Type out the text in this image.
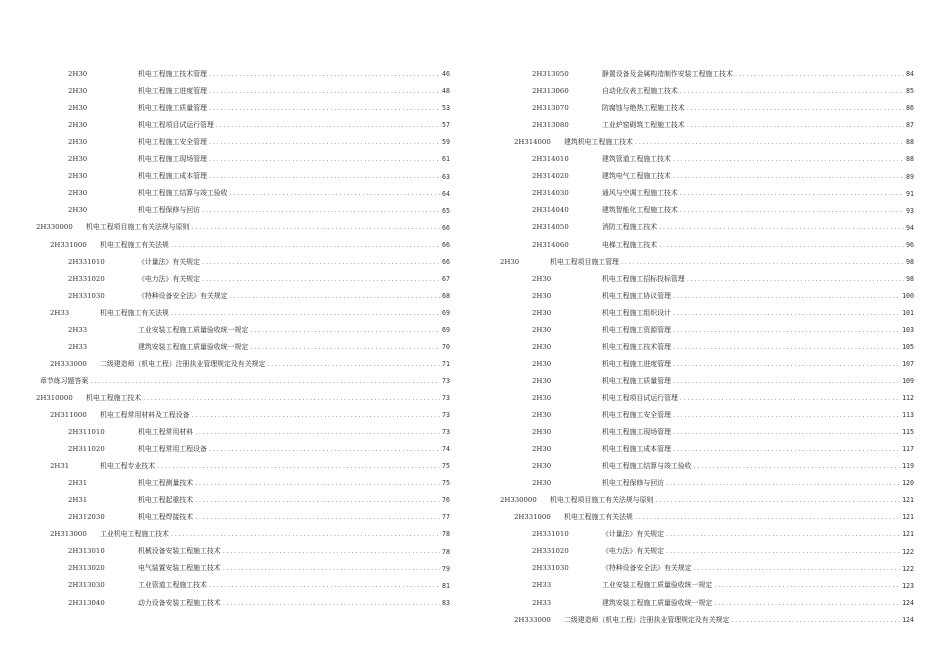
2H30	机电工程施工技术管理 .....	46
2H30	机电工程施工进度管理 .....	48
2H30	机电工程施工质量管理 .....	53
2H30	机电工程项目试运行管理 .....	57
2H30	机电工程施工安全管理 .....	59
2H30	机电工程施工现场管理 .....	61
2H30	机电工程施工成本管理 .....	63
2H30	机电工程施工结算与竣工验收 .....	64
2H30	机电工程保修与回访 .....	65
2H330000	机电工程项目施工有关法规与原则 .....	66
2H331000	机电工程施工有关法规 .....	66
2H331010	《计量法》有关规定 .....	66
2H331020	《电力法》有关规定 .....	67
2H331030	《特种设备安全法》有关规定 .....	68
2H33	机电工程施工有关法规 .....	69
2H33	工业安装工程施工质量验收统一规定 .....	69
2H33	建筑安装工程施工质量验收统一规定 .....	70
2H333000	二级建造师（机电工程）注册执业管理规定及有关规定 .....	71
章节练习题答案 .....	73
2H310000	机电工程施工技术 .....	73
2H311000	机电工程常用材料及工程设备 .....	73
2H311010	机电工程常用材料 .....	73
2H311020	机电工程常用工程设备 .....	74
2H31	机电工程专业技术 .....	75
2H31	机电工程测量技术 .....	75
2H31	机电工程起重技术 .....	76
2H312030	机电工程焊接技术 .....	77
2H313000	工业机电工程施工技术 .....	78
2H313010	机械设备安装工程施工技术 .....	78
2H313020	电气装置安装工程施工技术 .....	79
2H313030	工业管道工程施工技术 .....	81
2H313040	动力设备安装工程施工技术 .....	83
2H313050	静置设备及金属构造制作安装工程施工技术 .....	84
2H313060	自动化仪表工程施工技术 .....	85
2H313070	防腐蚀与绝热工程施工技术 .....	86
2H313080	工业炉窑砌筑工程施工技术 .....	87
2H314000	建筑机电工程施工技术 .....	88
2H314010	建筑管道工程施工技术 .....	88
2H314020	建筑电气工程施工技术 .....	89
2H314030	通风与空调工程施工技术 .....	91
2H314040	建筑智能化工程施工技术 .....	93
2H314050	消防工程施工技术 .....	94
2H314060	电梯工程施工技术 .....	96
2H30	机电工程项目施工管理 .....	98
2H30	机电工程施工招标投标管理 .....	98
2H30	机电工程施工协议管理 .....	100
2H30	机电工程施工组织设计 .....	101
2H30	机电工程施工资源管理 .....	103
2H30	机电工程施工技术管理 .....	105
2H30	机电工程施工进度管理 .....	107
2H30	机电工程施工质量管理 .....	109
2H30	机电工程项目试运行管理 .....	112
2H30	机电工程施工安全管理 .....	113
2H30	机电工程施工现场管理 .....	115
2H30	机电工程施工成本管理 .....	117
2H30	机电工程施工结算与竣工验收 .....	119
2H30	机电工程保修与回访 .....	120
2H330000	机电工程项目施工有关法规与原则 .....	121
2H331000	机电工程施工有关法规 .....	121
2H331010	《计量法》有关规定 .....	121
2H331020	《电力法》有关规定 .....	122
2H331030	《特种设备安全法》有关规定 .....	122
2H33	工业安装工程施工质量验收统一规定 .....	123
2H33	建筑安装工程施工质量验收统一规定 .....	124
2H333000	二级建造师（机电工程）注册执业管理规定及有关规定 .....	124
